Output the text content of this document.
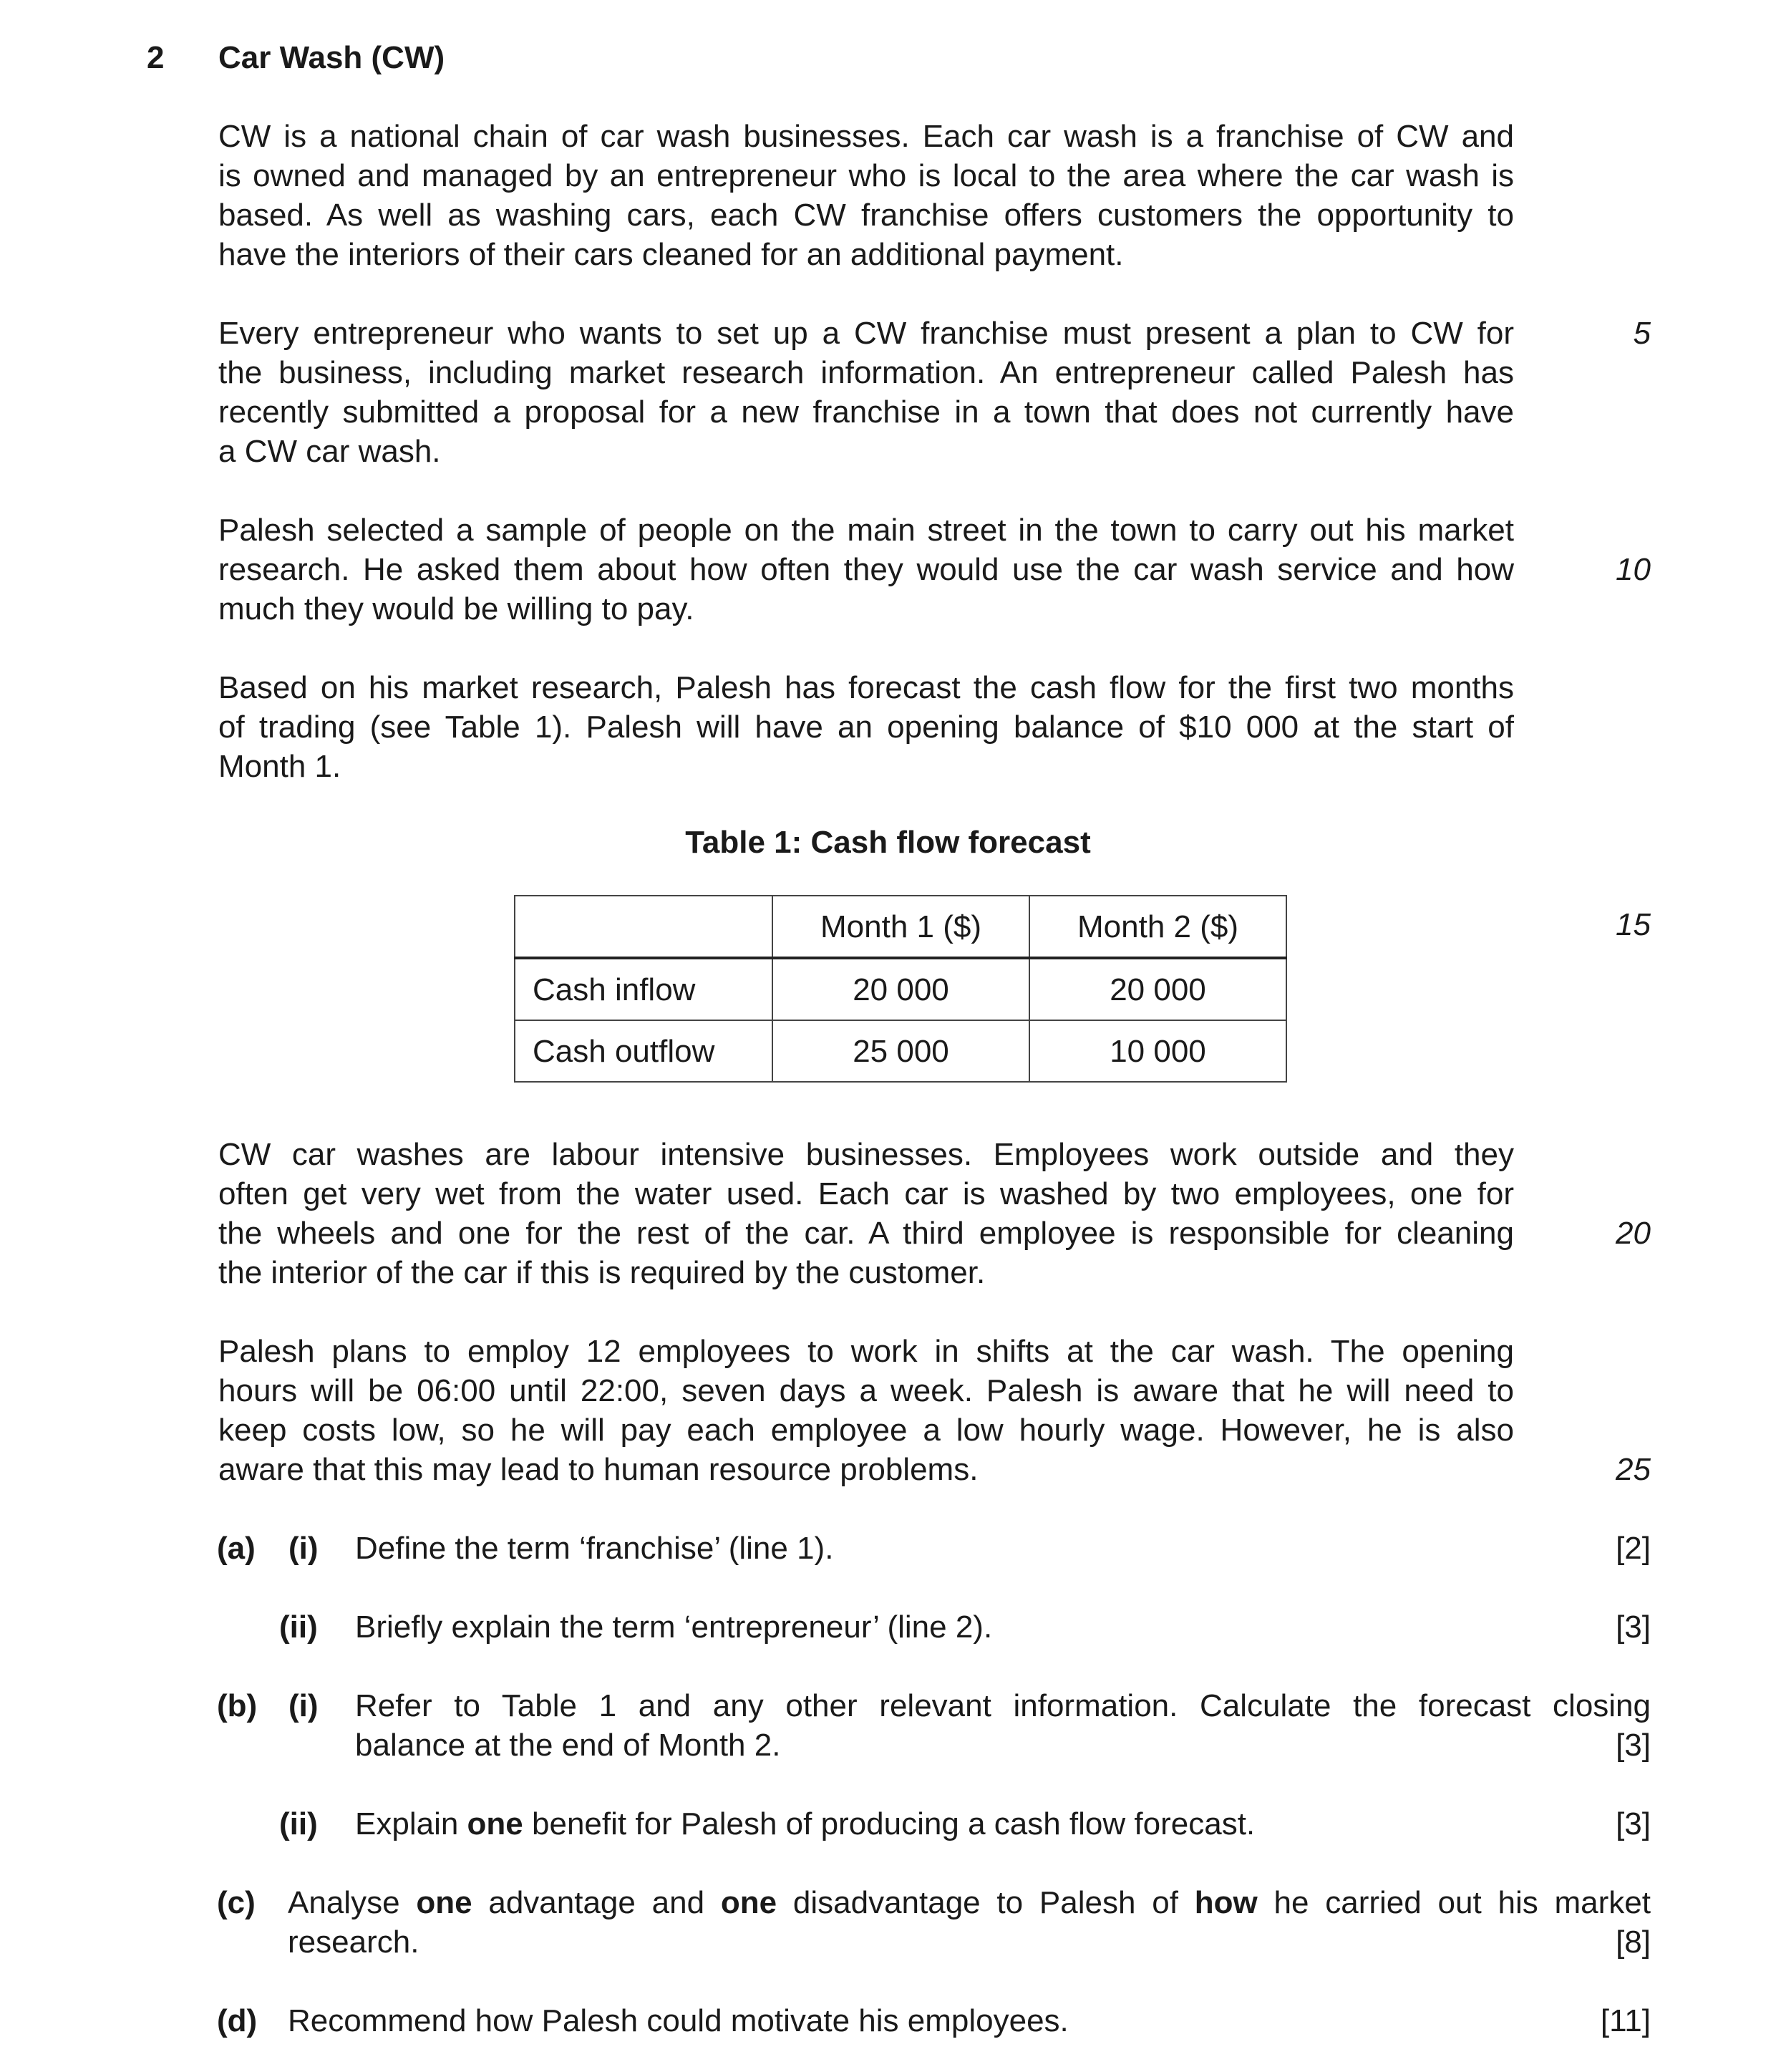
2 Car Wash (CW)
CW is a national chain of car wash businesses. Each car wash is a franchise of CW and
is owned and managed by an entrepreneur who is local to the area where the car wash is
based. As well as washing cars, each CW franchise offers customers the opportunity to
have the interiors of their cars cleaned for an additional payment.
Every entrepreneur who wants to set up a CW franchise must present a plan to CW for
the business, including market research information. An entrepreneur called Palesh has
recently submitted a proposal for a new franchise in a town that does not currently have
a CW car wash.
Palesh selected a sample of people on the main street in the town to carry out his market
research. He asked them about how often they would use the car wash service and how
much they would be willing to pay.
Based on his market research, Palesh has forecast the cash flow for the first two months
of trading (see Table 1). Palesh will have an opening balance of $10 000 at the start of
Month 1.
Table 1: Cash flow forecast
	Month 1 ($)	Month 2 ($)
Cash inflow	20 000	20 000
Cash outflow	25 000	10 000
CW car washes are labour intensive businesses. Employees work outside and they
often get very wet from the water used. Each car is washed by two employees, one for
the wheels and one for the rest of the car. A third employee is responsible for cleaning
the interior of the car if this is required by the customer.
Palesh plans to employ 12 employees to work in shifts at the car wash. The opening
hours will be 06:00 until 22:00, seven days a week. Palesh is aware that he will need to
keep costs low, so he will pay each employee a low hourly wage. However, he is also
aware that this may lead to human resource problems.
5
10
15
20
25
(a) (i) Define the term ‘franchise’ (line 1).	[2]
(ii) Briefly explain the term ‘entrepreneur’ (line 2).	[3]
(b) (i) Refer to Table 1 and any other relevant information. Calculate the forecast closing
balance at the end of Month 2.	[3]
(ii) Explain one benefit for Palesh of producing a cash flow forecast.	[3]
(c) Analyse one advantage and one disadvantage to Palesh of how he carried out his market
research.	[8]
(d) Recommend how Palesh could motivate his employees.	[11]
